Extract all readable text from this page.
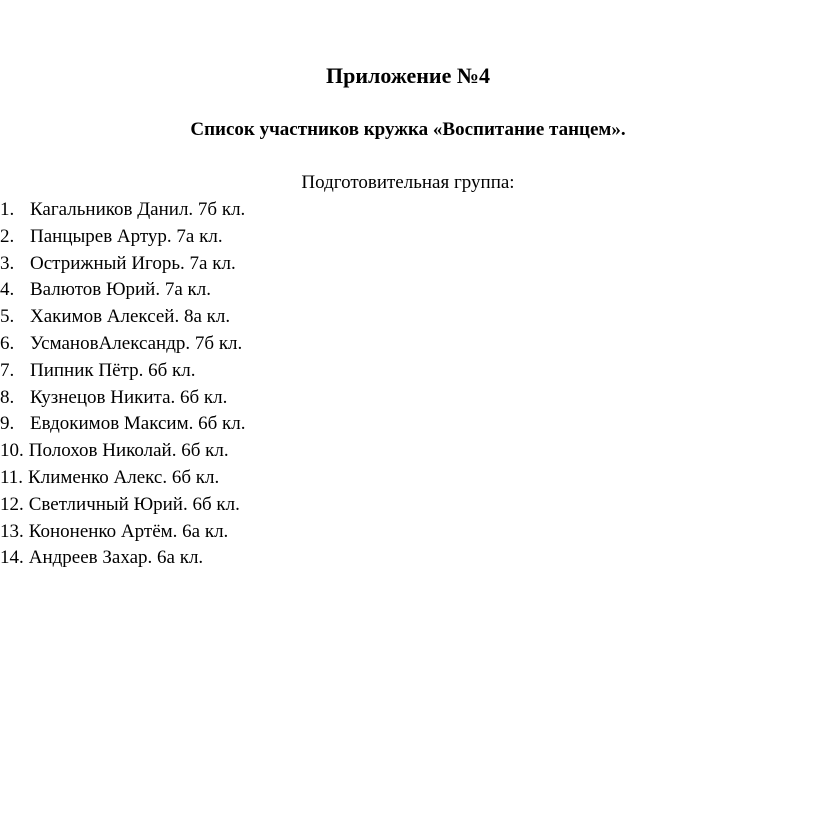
Приложение №4
Список участников кружка «Воспитание танцем».
Подготовительная группа:
1. Кагальников Данил. 7б кл.
2. Панцырев Артур. 7а кл.
3. Острижный Игорь. 7а кл.
4. Валютов Юрий. 7а кл.
5. Хакимов Алексей. 8а кл.
6. УсмановАлександр. 7б кл.
7. Пипник Пётр. 6б кл.
8. Кузнецов Никита. 6б кл.
9. Евдокимов Максим. 6б кл.
10. Полохов Николай. 6б кл.
11. Клименко Алекс. 6б кл.
12. Светличный Юрий. 6б кл.
13. Кононенко Артём. 6а кл.
14. Андреев Захар. 6а кл.
